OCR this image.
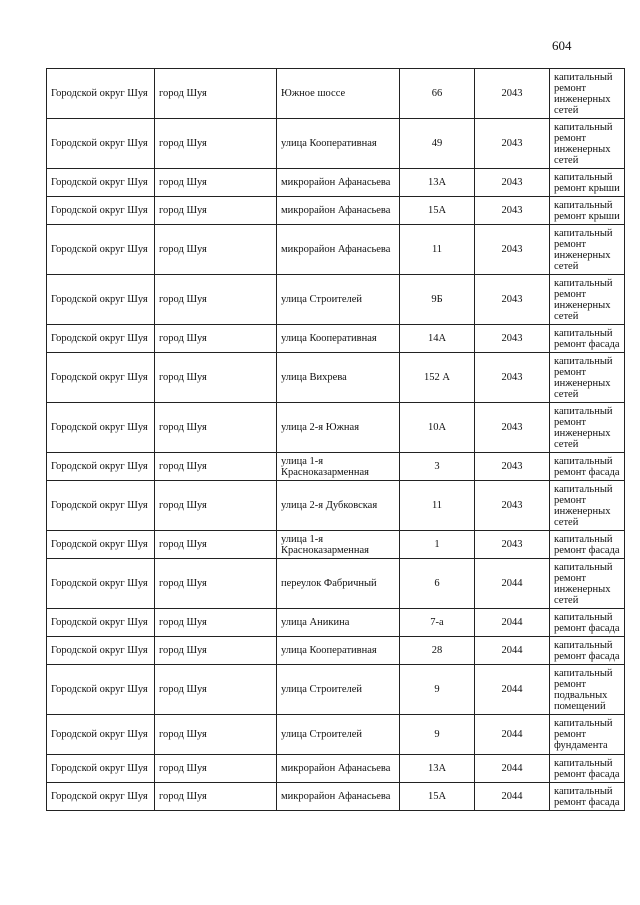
604
Городской округ Шуя	город Шуя	Южное шоссе	66	2043	капитальный ремонт инженерных сетей
Городской округ Шуя	город Шуя	улица Кооперативная	49	2043	капитальный ремонт инженерных сетей
Городской округ Шуя	город Шуя	микрорайон Афанасьева	13А	2043	капитальный ремонт крыши
Городской округ Шуя	город Шуя	микрорайон Афанасьева	15А	2043	капитальный ремонт крыши
Городской округ Шуя	город Шуя	микрорайон Афанасьева	11	2043	капитальный ремонт инженерных сетей
Городской округ Шуя	город Шуя	улица Строителей	9Б	2043	капитальный ремонт инженерных сетей
Городской округ Шуя	город Шуя	улица Кооперативная	14А	2043	капитальный ремонт фасада
Городской округ Шуя	город Шуя	улица Вихрева	152 А	2043	капитальный ремонт инженерных сетей
Городской округ Шуя	город Шуя	улица 2-я Южная	10А	2043	капитальный ремонт инженерных сетей
Городской округ Шуя	город Шуя	улица 1-я Красноказарменная	3	2043	капитальный ремонт фасада
Городской округ Шуя	город Шуя	улица 2-я Дубковская	11	2043	капитальный ремонт инженерных сетей
Городской округ Шуя	город Шуя	улица 1-я Красноказарменная	1	2043	капитальный ремонт фасада
Городской округ Шуя	город Шуя	переулок Фабричный	6	2044	капитальный ремонт инженерных сетей
Городской округ Шуя	город Шуя	улица Аникина	7-а	2044	капитальный ремонт фасада
Городской округ Шуя	город Шуя	улица Кооперативная	28	2044	капитальный ремонт фасада
Городской округ Шуя	город Шуя	улица Строителей	9	2044	капитальный ремонт подвальных помещений
Городской округ Шуя	город Шуя	улица Строителей	9	2044	капитальный ремонт фундамента
Городской округ Шуя	город Шуя	микрорайон Афанасьева	13А	2044	капитальный ремонт фасада
Городской округ Шуя	город Шуя	микрорайон Афанасьева	15А	2044	капитальный ремонт фасада
